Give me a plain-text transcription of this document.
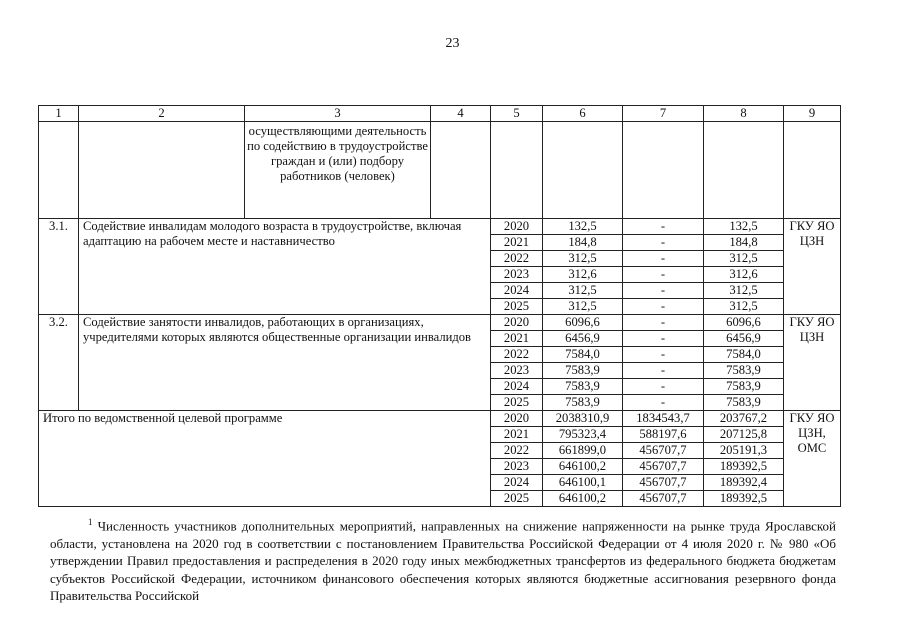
23
1	2	3	4	5	6	7	8	9
		осуществляющими деятельность по содействию в трудоустройстве граждан и (или) подбору работников (человек)						
3.1.	Содействие инвалидам молодого возраста в трудоустройстве, включая адаптацию на рабочем месте и наставничество			2020	132,5	-	132,5	ГКУ ЯО ЦЗН
				2021	184,8	-	184,8	
				2022	312,5	-	312,5	
				2023	312,6	-	312,6	
				2024	312,5	-	312,5	
				2025	312,5	-	312,5	
3.2.	Содействие занятости инвалидов, работающих в организациях, учредителями которых являются общественные организации инвалидов			2020	6096,6	-	6096,6	ГКУ ЯО ЦЗН
				2021	6456,9	-	6456,9	
				2022	7584,0	-	7584,0	
				2023	7583,9	-	7583,9	
				2024	7583,9	-	7583,9	
				2025	7583,9	-	7583,9	
Итого по ведомственной целевой программе				2020	2038310,9	1834543,7	203767,2	ГКУ ЯО ЦЗН, ОМС
				2021	795323,4	588197,6	207125,8	
				2022	661899,0	456707,7	205191,3	
				2023	646100,2	456707,7	189392,5	
				2024	646100,1	456707,7	189392,4	
				2025	646100,2	456707,7	189392,5	
$^1$ Численность участников дополнительных мероприятий, направленных на снижение напряженности на рынке труда Ярославской области, установлена на 2020 год в соответствии с постановлением Правительства Российской Федерации от 4 июля 2020 г. № 980 «Об утверждении Правил предоставления и распределения в 2020 году иных межбюджетных трансфертов из федерального бюджета бюджетам субъектов Российской Федерации, источником финансового обеспечения которых являются бюджетные ассигнования резервного фонда Правительства Российской
